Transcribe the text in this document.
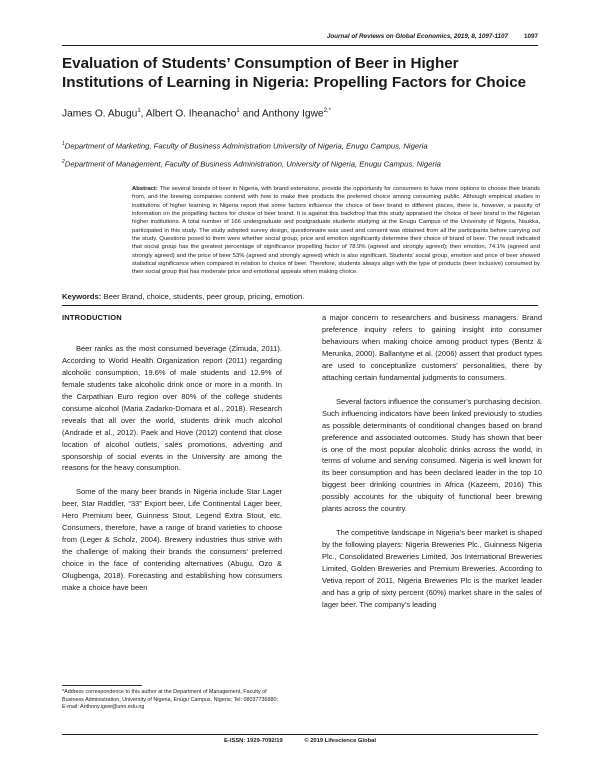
Journal of Reviews on Global Economics, 2019, 8, 1097-1107	1097
Evaluation of Students’ Consumption of Beer in Higher Institutions of Learning in Nigeria: Propelling Factors for Choice
James O. Abugu$^1$, Albert O. Iheanacho$^1$ and Anthony Igwe$^{2,*}$
$^1$Department of Marketing, Faculty of Business Administration University of Nigeria, Enugu Campus, Nigeria
$^2$Department of Management, Faculty of Business Administration, University of Nigeria, Enugu Campus, Nigeria

Abstract: The several brands of beer in Nigeria, with brand extensions, provide the opportunity for consumers to have more options to choose their brands from, and the brewing companies contend with how to make their products the preferred choice among consuming public. Although empirical studies in institutions of higher learning in Nigeria report that some factors influence the choice of beer brand in different places, there is, however, a paucity of information on the propelling factors for choice of beer brand. It is against this backdrop that this study appraised the choice of beer brand in the Nigerian higher institutions. A total number of 166 undergraduate and postgraduate students studying at the Enugu Campus of the University of Nigeria, Nsukka, participated in this study. The study adopted survey design, questionnaire was used and consent was obtained from all the participants before carrying out the study. Questions posed to them were whether social group, price and emotion significantly determine their choice of brand of beer. The result indicated that social group has the greatest percentage of significance propelling factor of 78.9% (agreed and strongly agreed); then emotion, 74.1% (agreed and strongly agreed) and the price of beer 53% (agreed and strongly agreed) which is also significant. Students’ social group, emotion and price of beer showed statistical significance when compared in relation to choice of beer. Therefore, students always align with the type of products (beer inclusive) consumed by their social group that has moderate price and emotional appeals when making choice.

Keywords: Beer Brand, choice, students, peer group, pricing, emotion.
INTRODUCTION

Beer ranks as the most consumed beverage (Zimuda, 2011). According to World Health Organization report (2011) regarding alcoholic consumption, 19.6% of male students and 12.9% of female students take alcoholic drink once or more in a month. In the Carpathian Euro region over 80% of the college students consume alcohol (Maria Zadarko-Domara et al., 2018). Research reveals that all over the world, students drink much alcohol (Andrade et al., 2012). Paek and Hove (2012) contend that close location of alcohol outlets, sales promotions, adverting and sponsorship of social events in the University are among the reasons for the heavy consumption.

Some of the many beer brands in Nigeria include Star Lager beer, Star Raddler, “33” Export beer, Life Continental Lager beer, Hero Premium beer, Guinness Stout, Legend Extra Stout, etc. Consumers, therefore, have a range of brand varieties to choose from (Leger & Scholz, 2004). Brewery industries thus strive with the challenge of making their brands the consumers’ preferred choice in the face of contending alternatives (Abugu, Ozo & Olugbenga, 2018). Forecasting and establishing how consumers make a choice have been

a major concern to researchers and business managers. Brand preference inquiry refers to gaining insight into consumer behaviours when making choice among product types (Bentz & Merunka, 2000). Ballantyne et al. (2006) assert that product types are used to conceptualize customers’ personalities, there by attaching certain fundamental judgments to consumers.

Several factors influence the consumer’s purchasing decision. Such influencing indicators have been linked previously to studies as possible determinants of conditional changes based on brand preference and associated outcomes. Study has shown that beer is one of the most popular alcoholic drinks across the world, in terms of volume and serving consumed. Nigeria is well known for its beer consumption and has been declared leader in the top 10 biggest beer drinking countries in Africa (Kazeem, 2016) This possibly accounts for the ubiquity of functional beer brewing plants across the country.

The competitive landscape in Nigeria’s beer market is shaped by the following players: Nigeria Breweries Plc., Guinness Nigeria Plc., Consolidated Breweries Limited, Jos International Breweries Limited, Golden Breweries and Premium Breweries. According to Vetiva report of 2011, Nigeria Breweries Plc is the market leader and has a grip of sixty percent (60%) market share in the sales of lager beer. The company’s leading

*Address correspondence to this author at the Department of Management, Faculty of Business Administration, University of Nigeria, Enugu Campus, Nigeria; Tel: 08037736880; E-mail: Anthony.igwe@unn.edu.ng
E-ISSN: 1929-7092/19	© 2019 Lifescience Global
